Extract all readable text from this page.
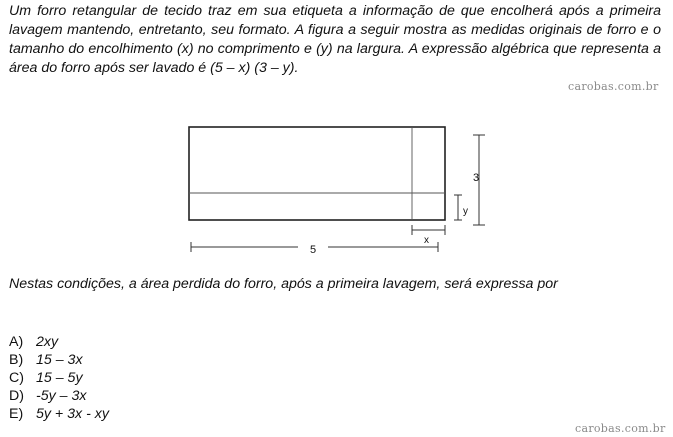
Um forro retangular de tecido traz em sua etiqueta a informação de que encolherá após a primeira lavagem mantendo, entretanto, seu formato. A figura a seguir mostra as medidas originais de forro e o tamanho do encolhimento (x) no comprimento e (y) na largura. A expressão algébrica que representa a área do forro após ser lavado é (5 – x) (3 – y).

carobas.com.br
3
y
x
5

Nestas condições, a área perdida do forro, após a primeira lavagem, será expressa por

A) 2xy
B) 15 – 3x
C) 15 – 5y
D) -5y – 3x
E) 5y + 3x - xy
carobas.com.br
